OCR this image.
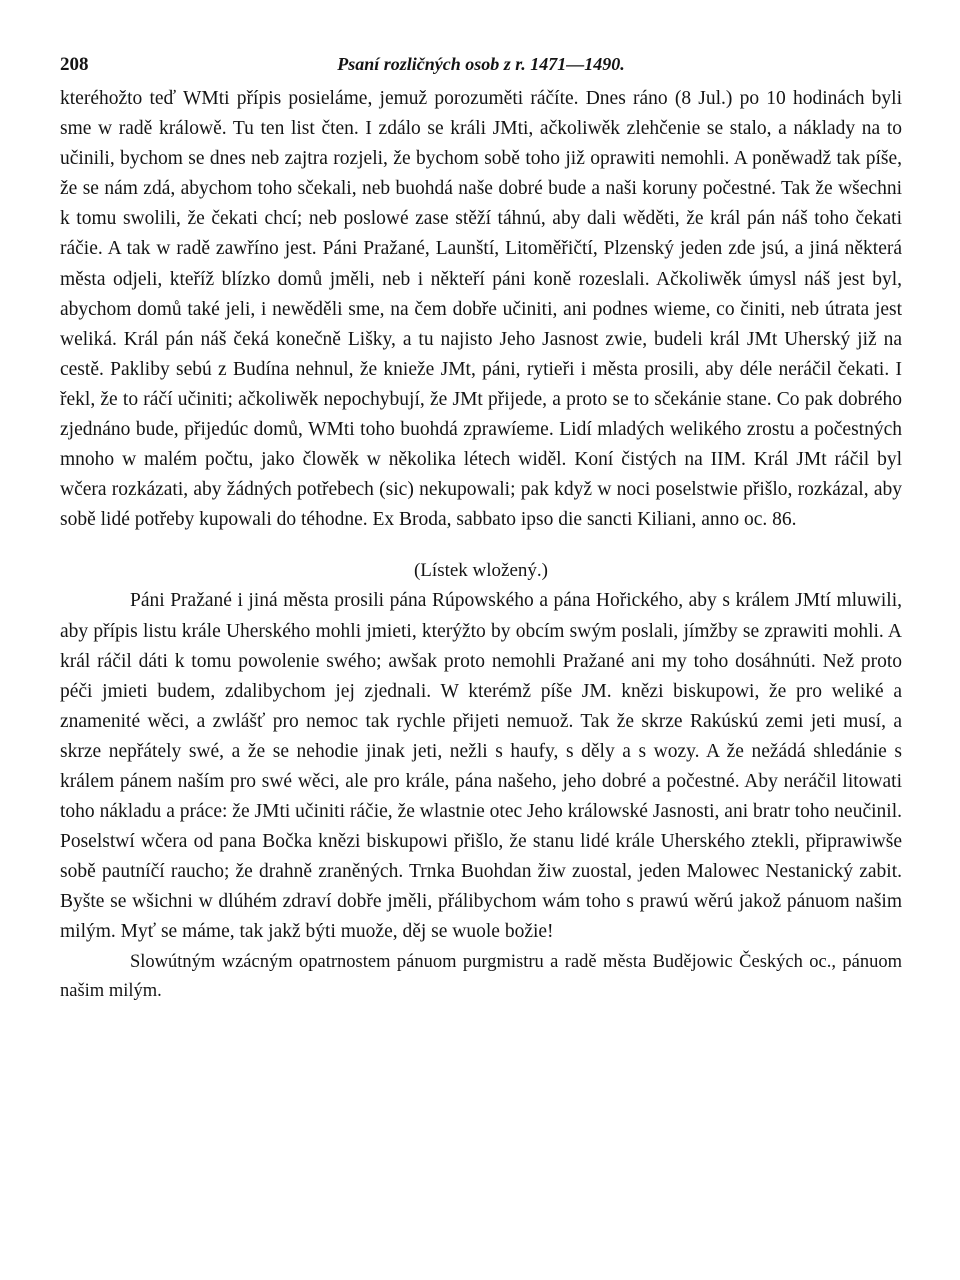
208	Psaní rozličných osob z r. 1471—1490.

kteréhožto teď WMti přípis posieláme, jemuž porozuměti ráčíte. Dnes ráno (8 Jul.) po 10 hodinách byli sme w radě králowě. Tu ten list čten. I zdálo se králi JMti, ačkoliwěk zlehčenie se stalo, a náklady na to učinili, bychom se dnes neb zajtra rozjeli, že bychom sobě toho již oprawiti nemohli. A poněwadž tak píše, že se nám zdá, abychom toho sčekali, neb buohdá naše dobré bude a naši koruny počestné. Tak že wšechni k tomu swolili, že čekati chcí; neb poslowé zase stěží táhnú, aby dali wěděti, že král pán náš toho čekati ráčie. A tak w radě zawříno jest. Páni Pražané, Launští, Litoměřičtí, Plzenský jeden zde jsú, a jiná některá města odjeli, kteříž blízko domů jměli, neb i někteří páni koně rozeslali. Ačkoliwěk úmysl náš jest byl, abychom domů také jeli, i newěděli sme, na čem dobře učiniti, ani podnes wieme, co činiti, neb útrata jest weliká. Král pán náš čeká konečně Lišky, a tu najisto Jeho Jasnost zwie, budeli král JMt Uherský již na cestě. Pakliby sebú z Budína nehnul, že knieže JMt, páni, rytieři i města prosili, aby déle neráčil čekati. I řekl, že to ráčí učiniti; ačkoliwěk nepochybují, že JMt přijede, a proto se to sčekánie stane. Co pak dobrého zjednáno bude, přijedúc domů, WMti toho buohdá zprawíeme. Lidí mladých welikého zrostu a počestných mnoho w malém počtu, jako člowěk w několika létech widěl. Koní čistých na IIM. Král JMt ráčil byl wčera rozkázati, aby žádných potřebech (sic) nekupowali; pak když w noci poselstwie přišlo, rozkázal, aby sobě lidé potřeby kupowali do téhodne. Ex Broda, sabbato ipso die sancti Kiliani, anno oc. 86.

(Lístek wložený.)

Páni Pražané i jiná města prosili pána Rúpowského a pána Hořického, aby s králem JMtí mluwili, aby přípis listu krále Uherského mohli jmieti, kterýžto by obcím swým poslali, jímžby se zprawiti mohli. A král ráčil dáti k tomu powolenie swého; awšak proto nemohli Pražané ani my toho dosáhnúti. Než proto péči jmieti budem, zdalibychom jej zjednali. W kterémž píše JM. knězi biskupowi, že pro weliké a znamenité wěci, a zwlášť pro nemoc tak rychle přijeti nemuož. Tak že skrze Rakúskú zemi jeti musí, a skrze nepřátely swé, a že se nehodie jinak jeti, nežli s haufy, s děly a s wozy. A že nežádá shledánie s králem pánem naším pro swé wěci, ale pro krále, pána našeho, jeho dobré a počestné. Aby neráčil litowati toho nákladu a práce: že JMti učiniti ráčie, že wlastnie otec Jeho králowské Jasnosti, ani bratr toho neučinil. Poselstwí wčera od pana Bočka knězi biskupowi přišlo, že stanu lidé krále Uherského ztekli, připrawiwše sobě pautníčí raucho; že drahně zraněných. Trnka Buohdan žiw zuostal, jeden Malowec Nestanický zabit. Byšte se wšichni w dlúhém zdraví dobře jměli, přálibychom wám toho s prawú wěrú jakož pánuom našim milým. Myť se máme, tak jakž býti muože, děj se wuole božie!

Slowútným wzácným opatrnostem pánuom purgmistru a radě města Budějowic Českých oc., pánuom našim milým.
